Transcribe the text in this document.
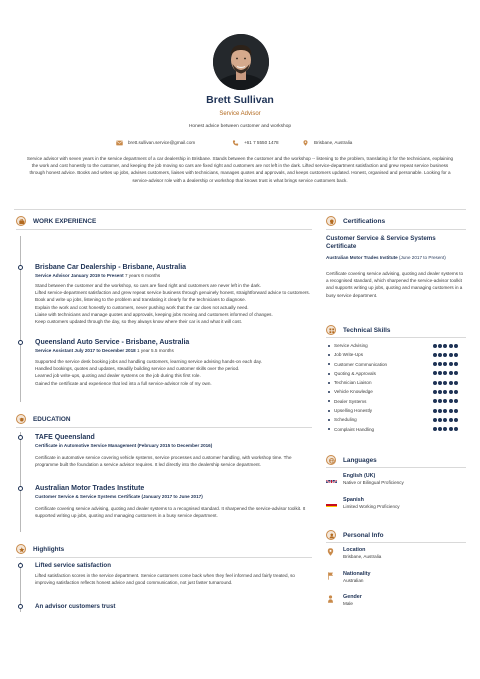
Brett Sullivan
Service Advisor
Honest advice between customer and workshop
brett.sullivan.service@gmail.com	+61 7 5550 1478	Brisbane, Australia
Service advisor with seven years in the service department of a car dealership in Brisbane. Stands between the customer and the workshop -- listening to the problem, translating it for the technicians, explaining the work and cost honestly to the customer, and keeping the job moving so cars are fixed right and customers are not left in the dark. Lifted service-department satisfaction and grew repeat service business through honest advice. Books and writes up jobs, advises customers, liaises with technicians, manages quotes and approvals, and keeps customers updated. Honest, organised and personable. Looking for a service-advisor role with a dealership or workshop that knows trust is what brings service customers back.
WORK EXPERIENCE
Brisbane Car Dealership - Brisbane, Australia
Service Advisor January 2019 to Present 7 years 6 months

Stand between the customer and the workshop, so cars are fixed right and customers are never left in the dark.

Lifted service-department satisfaction and grew repeat service business through genuinely honest, straightforward advice to customers.

Book and write up jobs, listening to the problem and translating it clearly for the technicians to diagnose.

Explain the work and cost honestly to customers, never pushing work that the car does not actually need.

Liaise with technicians and manage quotes and approvals, keeping jobs moving and customers informed of changes.

Keep customers updated through the day, so they always know where their car is and what it will cost.

Queensland Auto Service - Brisbane, Australia
Service Assistant July 2017 to December 2018 1 year 5.5 months

Supported the service desk booking jobs and handling customers, learning service advising hands-on each day.

Handled bookings, quotes and updates, steadily building service and customer skills over the period.

Learned job write-ups, quoting and dealer systems on the job during this first role.

Gained the certificate and experience that led into a full service-advisor role of my own.

EDUCATION
TAFE Queensland
Certificate in Automotive Service Management (February 2015 to December 2016)
Certificate in automotive service covering vehicle systems, service processes and customer handling, with workshop time. The programme built the foundation a service advisor requires. It led directly into the dealership service department.
Australian Motor Trades Institute
Customer Service & Service Systems Certificate (January 2017 to June 2017)
Certificate covering service advising, quoting and dealer systems to a recognised standard. It sharpened the service-advisor toolkit. It supported writing up jobs, quoting and managing customers in a busy service department.
Highlights
Lifted service satisfaction
Lifted satisfaction scores in the service department. Service customers come back when they feel informed and fairly treated, so improving satisfaction reflects honest advice and good communication, not just faster turnaround.
An advisor customers trust
Certifications
Customer Service & Service Systems Certificate
Australian Motor Trades Institute (June 2017 to Present)
Certificate covering service advising, quoting and dealer systems to a recognised standard, which sharpened the service-advisor toolkit and supports writing up jobs, quoting and managing customers in a busy service department.
Technical Skills
Service Advising
Job Write-Ups
Customer Communication
Quoting & Approvals
Technician Liaison
Vehicle Knowledge
Dealer Systems
Upselling Honestly
Scheduling
Complaint Handling
Languages
English (UK)
Native or Bilingual Proficiency
Spanish
Limited Working Proficiency
Personal Info
Location
Brisbane, Australia
Nationality
Australian
Gender
Male
